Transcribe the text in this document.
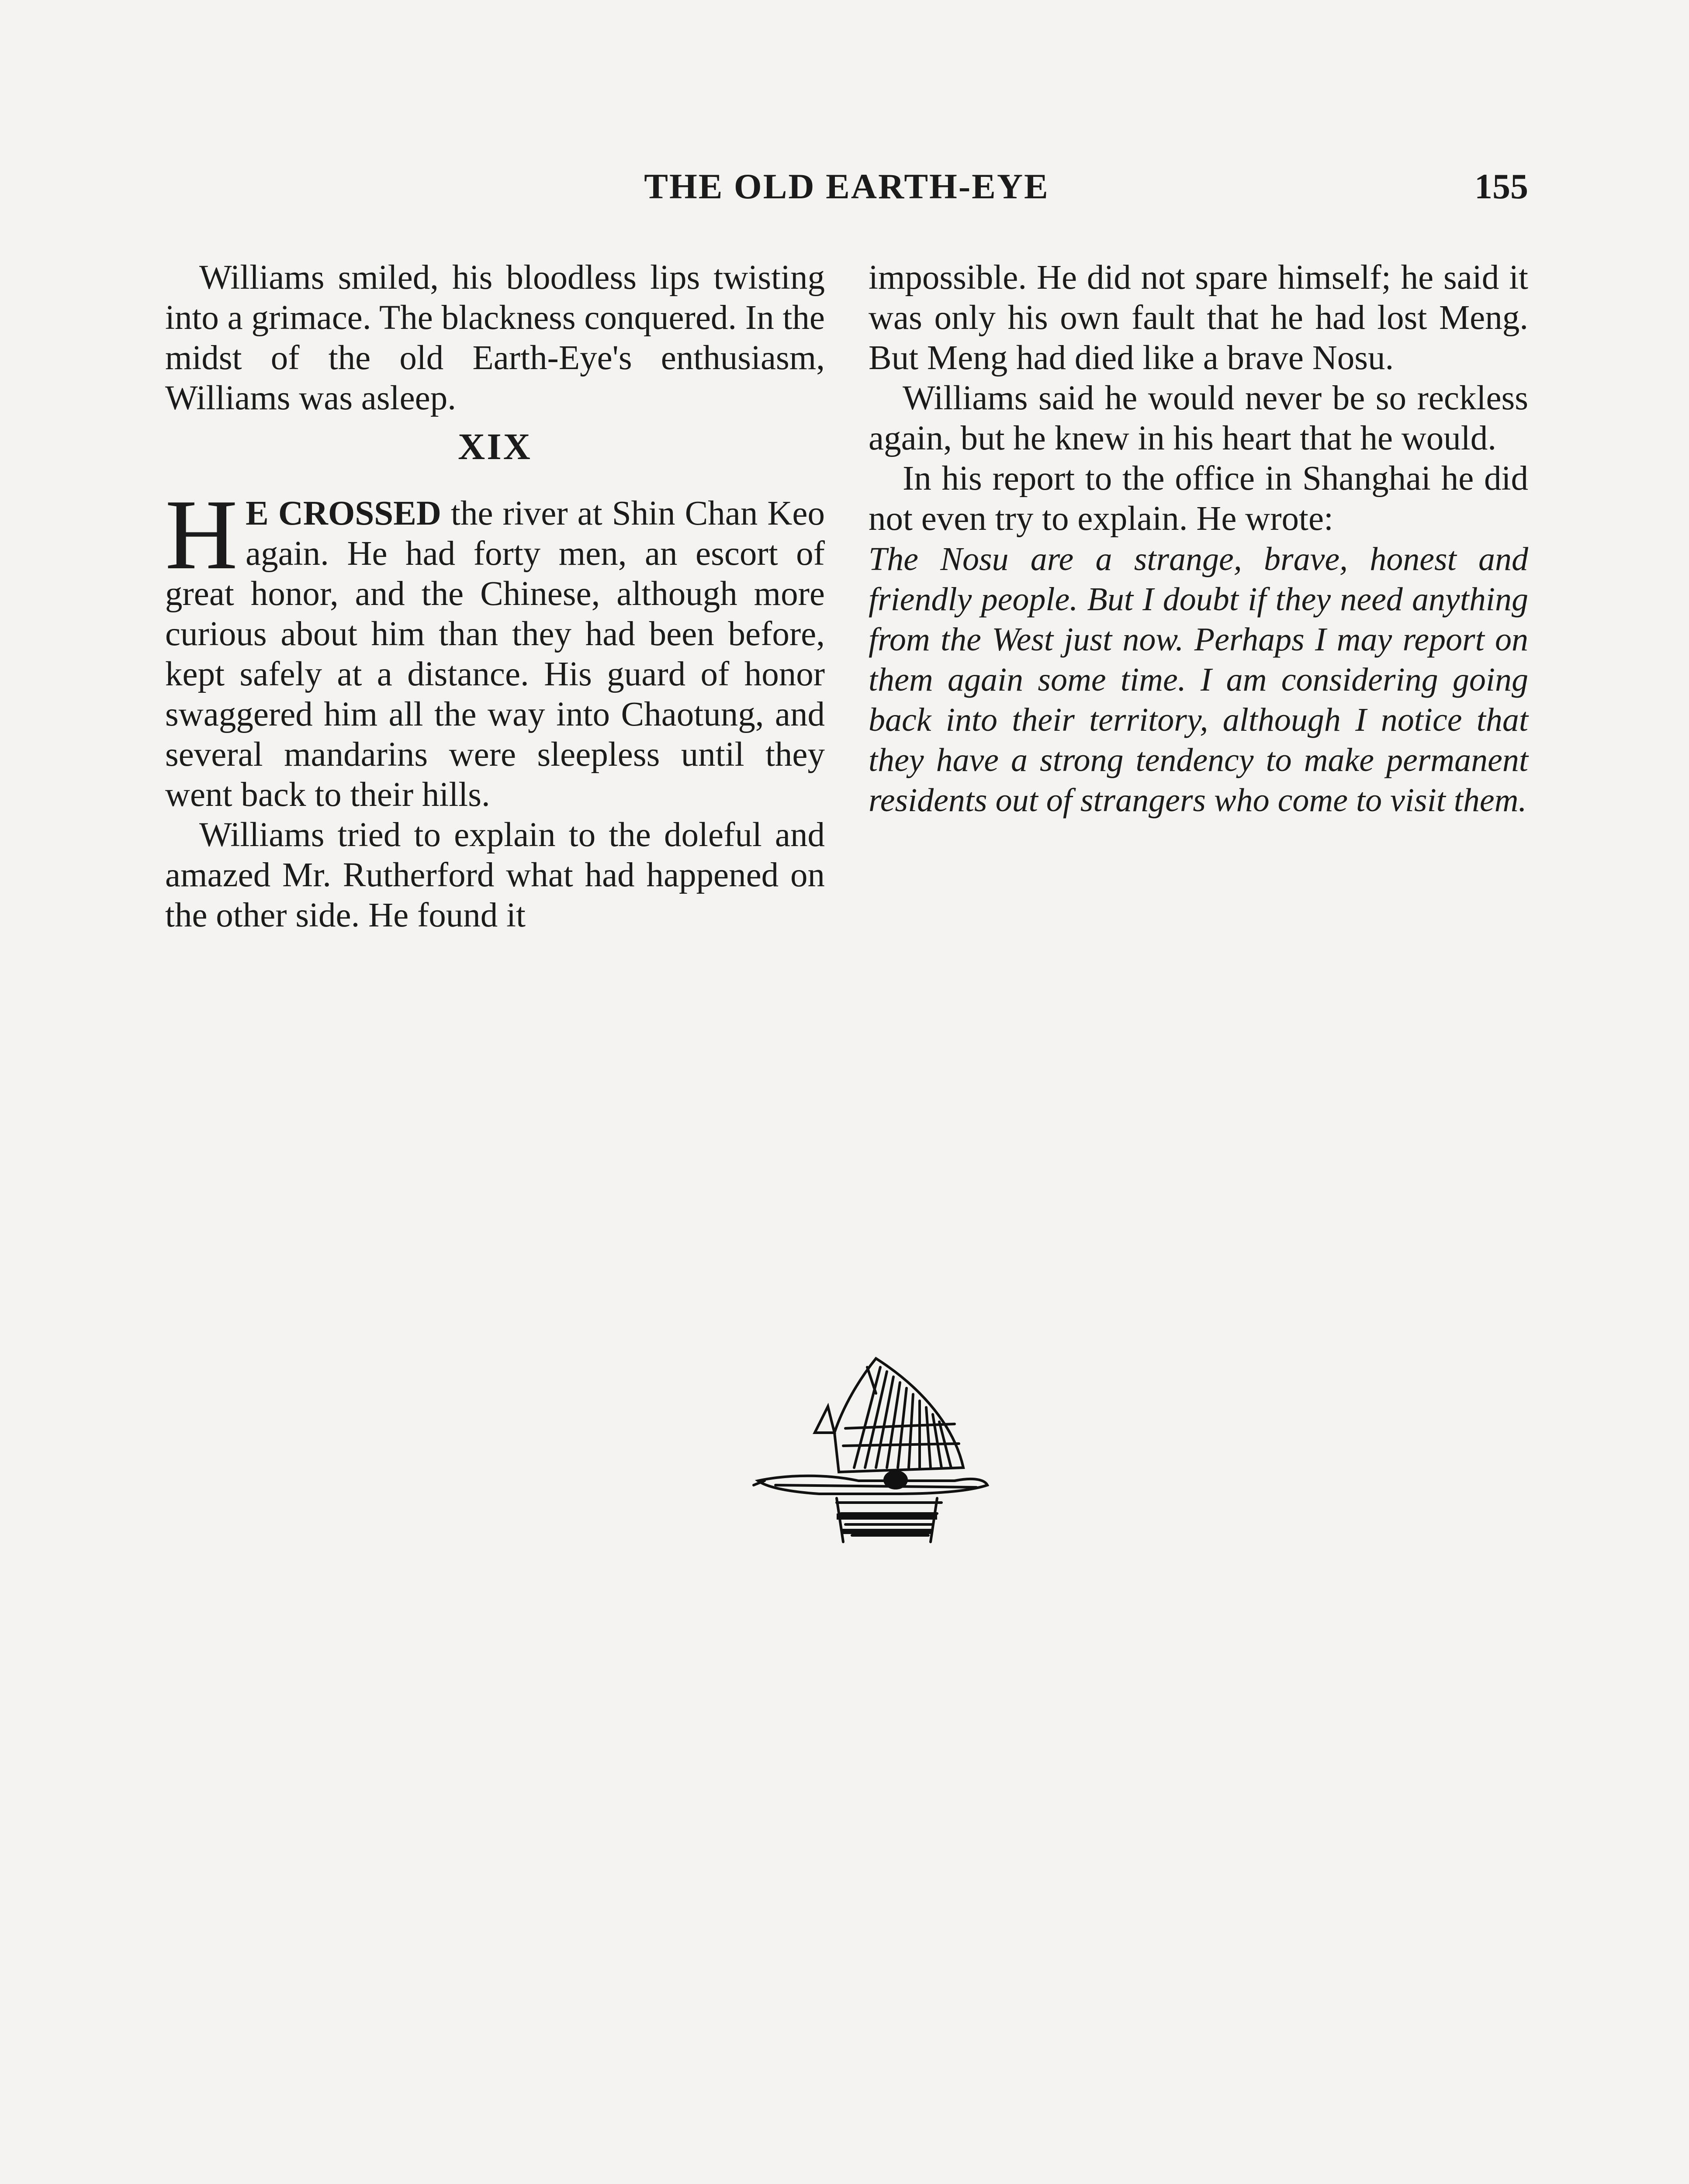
THE OLD EARTH-EYE	155

Williams smiled, his bloodless lips twisting into a grimace. The blackness conquered. In the midst of the old Earth-Eye's enthusiasm, Williams was asleep.

XIX

H E CROSSED the river at Shin Chan Keo again. He had forty men, an escort of great honor, and the Chinese, although more curious about him than they had been before, kept safely at a distance. His guard of honor swaggered him all the way into Chaotung, and several mandarins were sleepless until they went back to their hills.

Williams tried to explain to the doleful and amazed Mr. Rutherford what had happened on the other side. He found it

impossible. He did not spare himself; he said it was only his own fault that he had lost Meng. But Meng had died like a brave Nosu.

Williams said he would never be so reckless again, but he knew in his heart that he would.

In his report to the office in Shanghai he did not even try to explain. He wrote:

The Nosu are a strange, brave, honest and friendly people. But I doubt if they need anything from the West just now. Perhaps I may report on them again some time. I am considering going back into their territory, although I notice that they have a strong tendency to make permanent residents out of strangers who come to visit them.
